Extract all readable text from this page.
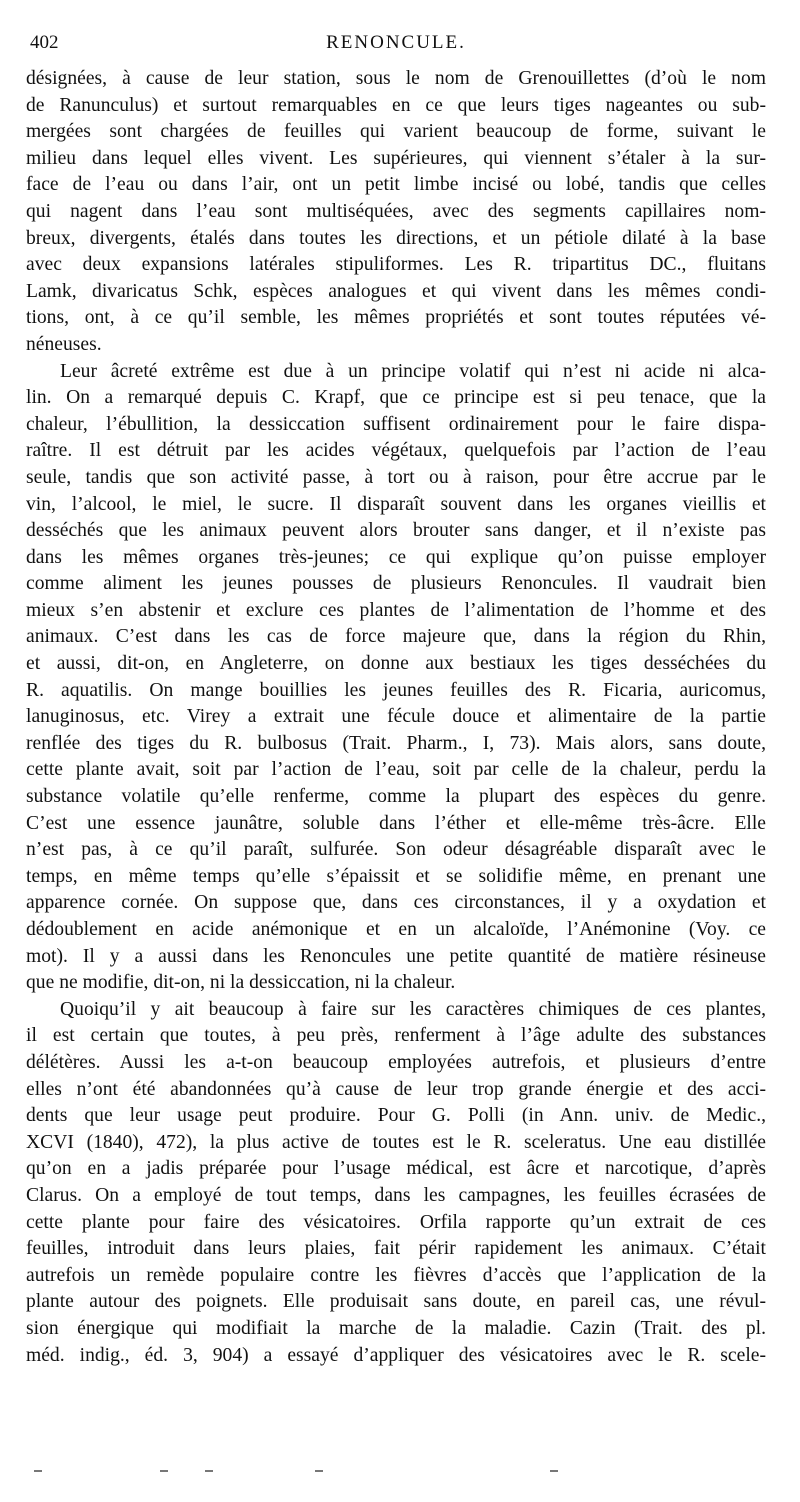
402	RENONCULE.
désignées, à cause de leur station, sous le nom de Grenouillettes (d’où le nom
de Ranunculus) et surtout remarquables en ce que leurs tiges nageantes ou sub-
mergées sont chargées de feuilles qui varient beaucoup de forme, suivant le
milieu dans lequel elles vivent. Les supérieures, qui viennent s’étaler à la sur-
face de l’eau ou dans l’air, ont un petit limbe incisé ou lobé, tandis que celles
qui nagent dans l’eau sont multiséquées, avec des segments capillaires nom-
breux, divergents, étalés dans toutes les directions, et un pétiole dilaté à la base
avec deux expansions latérales stipuliformes. Les R. tripartitus DC., fluitans
Lamk, divaricatus Schk, espèces analogues et qui vivent dans les mêmes condi-
tions, ont, à ce qu’il semble, les mêmes propriétés et sont toutes réputées vé-
néneuses.
Leur âcreté extrême est due à un principe volatif qui n’est ni acide ni alca-
lin. On a remarqué depuis C. Krapf, que ce principe est si peu tenace, que la
chaleur, l’ébullition, la dessiccation suffisent ordinairement pour le faire dispa-
raître. Il est détruit par les acides végétaux, quelquefois par l’action de l’eau
seule, tandis que son activité passe, à tort ou à raison, pour être accrue par le
vin, l’alcool, le miel, le sucre. Il disparaît souvent dans les organes vieillis et
desséchés que les animaux peuvent alors brouter sans danger, et il n’existe pas
dans les mêmes organes très-jeunes; ce qui explique qu’on puisse employer
comme aliment les jeunes pousses de plusieurs Renoncules. Il vaudrait bien
mieux s’en abstenir et exclure ces plantes de l’alimentation de l’homme et des
animaux. C’est dans les cas de force majeure que, dans la région du Rhin,
et aussi, dit-on, en Angleterre, on donne aux bestiaux les tiges desséchées du
R. aquatilis. On mange bouillies les jeunes feuilles des R. Ficaria, auricomus,
lanuginosus, etc. Virey a extrait une fécule douce et alimentaire de la partie
renflée des tiges du R. bulbosus (Trait. Pharm., I, 73). Mais alors, sans doute,
cette plante avait, soit par l’action de l’eau, soit par celle de la chaleur, perdu la
substance volatile qu’elle renferme, comme la plupart des espèces du genre.
C’est une essence jaunâtre, soluble dans l’éther et elle-même très-âcre. Elle
n’est pas, à ce qu’il paraît, sulfurée. Son odeur désagréable disparaît avec le
temps, en même temps qu’elle s’épaissit et se solidifie même, en prenant une
apparence cornée. On suppose que, dans ces circonstances, il y a oxydation et
dédoublement en acide anémonique et en un alcaloïde, l’Anémonine (Voy. ce
mot). Il y a aussi dans les Renoncules une petite quantité de matière résineuse
que ne modifie, dit-on, ni la dessiccation, ni la chaleur.
Quoiqu’il y ait beaucoup à faire sur les caractères chimiques de ces plantes,
il est certain que toutes, à peu près, renferment à l’âge adulte des substances
délétères. Aussi les a-t-on beaucoup employées autrefois, et plusieurs d’entre
elles n’ont été abandonnées qu’à cause de leur trop grande énergie et des acci-
dents que leur usage peut produire. Pour G. Polli (in Ann. univ. de Medic.,
XCVI (1840), 472), la plus active de toutes est le R. sceleratus. Une eau distillée
qu’on en a jadis préparée pour l’usage médical, est âcre et narcotique, d’après
Clarus. On a employé de tout temps, dans les campagnes, les feuilles écrasées de
cette plante pour faire des vésicatoires. Orfila rapporte qu’un extrait de ces
feuilles, introduit dans leurs plaies, fait périr rapidement les animaux. C’était
autrefois un remède populaire contre les fièvres d’accès que l’application de la
plante autour des poignets. Elle produisait sans doute, en pareil cas, une révul-
sion énergique qui modifiait la marche de la maladie. Cazin (Trait. des pl.
méd. indig., éd. 3, 904) a essayé d’appliquer des vésicatoires avec le R. scele-
